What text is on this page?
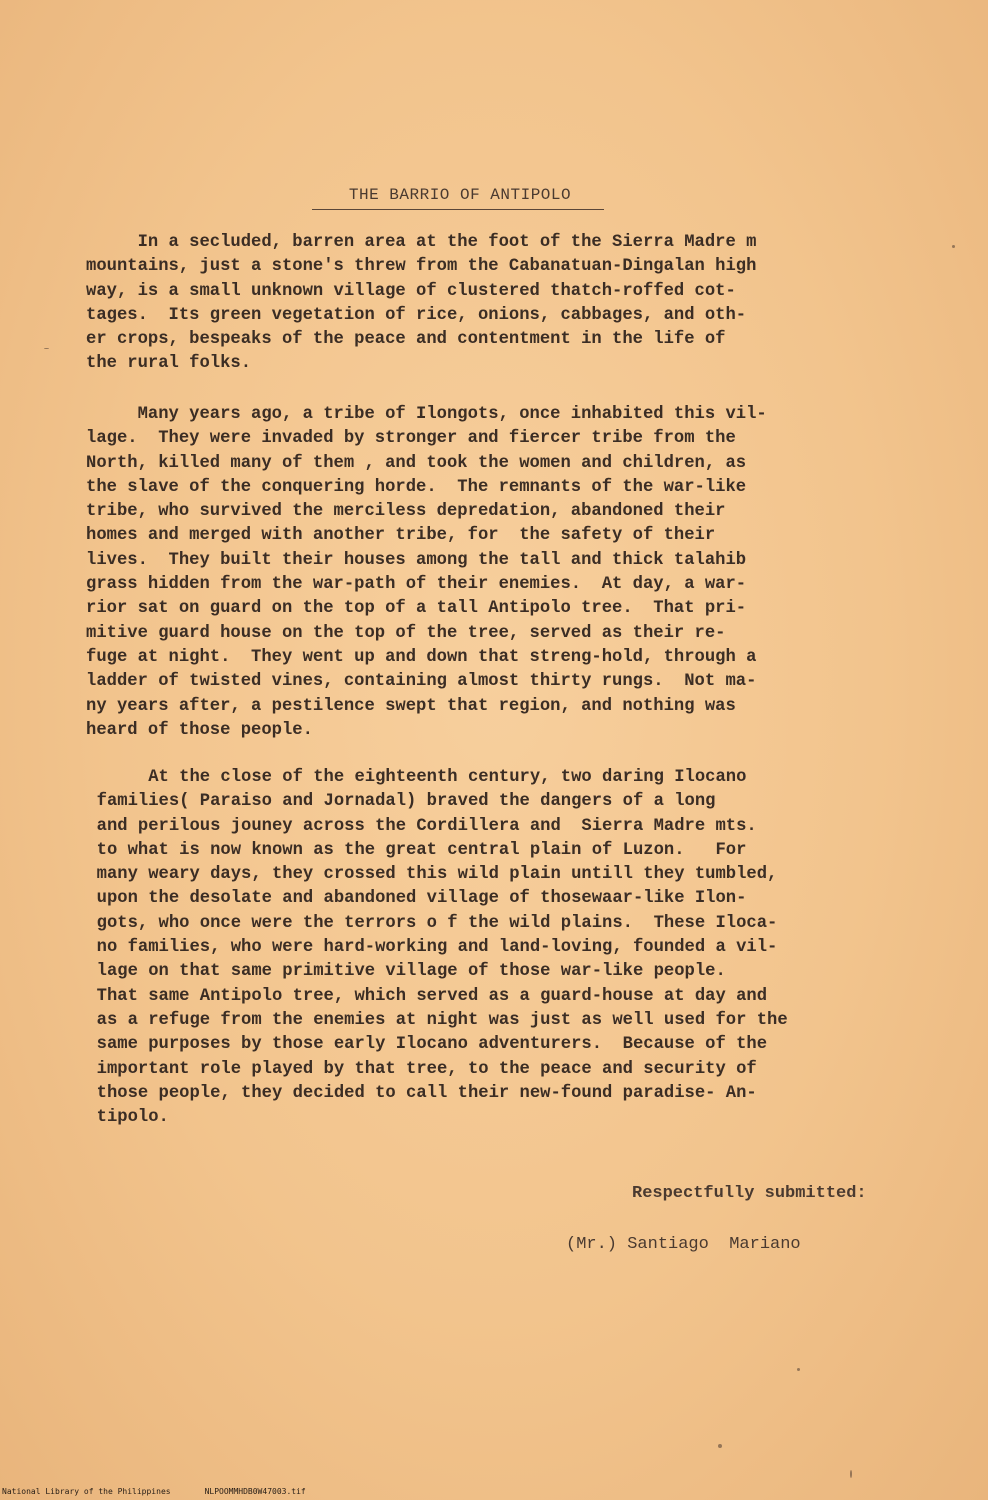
THE BARRIO OF ANTIPOLO

In a secluded, barren area at the foot of the Sierra Madre m
mountains, just a stone's threw from the Cabanatuan-Dingalan high
way, is a small unknown village of clustered thatch-roffed cot-
tages.  Its green vegetation of rice, onions, cabbages, and oth-
er crops, bespeaks of the peace and contentment in the life of
the rural folks.

Many years ago, a tribe of Ilongots, once inhabited this vil-
lage.  They were invaded by stronger and fiercer tribe from the
North, killed many of them , and took the women and children, as
the slave of the conquering horde.  The remnants of the war-like
tribe, who survived the merciless depredation, abandoned their
homes and merged with another tribe, for  the safety of their
lives.  They built their houses among the tall and thick talahib
grass hidden from the war-path of their enemies.  At day, a war-
rior sat on guard on the top of a tall Antipolo tree.  That pri-
mitive guard house on the top of the tree, served as their re-
fuge at night.  They went up and down that streng-hold, through a
ladder of twisted vines, containing almost thirty rungs.  Not ma-
ny years after, a pestilence swept that region, and nothing was
heard of those people.

At the close of the eighteenth century, two daring Ilocano
families( Paraiso and Jornadal) braved the dangers of a long
and perilous jouney across the Cordillera and  Sierra Madre mts.
to what is now known as the great central plain of Luzon.   For
many weary days, they crossed this wild plain untill they tumbled,
upon the desolate and abandoned village of thosewaar-like Ilon-
gots, who once were the terrors o f the wild plains.  These Iloca-
no families, who were hard-working and land-loving, founded a vil-
lage on that same primitive village of those war-like people.
That same Antipolo tree, which served as a guard-house at day and
as a refuge from the enemies at night was just as well used for the
same purposes by those early Ilocano adventurers.  Because of the
important role played by that tree, to the peace and security of
those people, they decided to call their new-found paradise- An-
tipolo.

Respectfully submitted:
(Mr.) Santiago  Mariano
National Library of the Philippines	NLPOOMMHDB0W47003.tif
